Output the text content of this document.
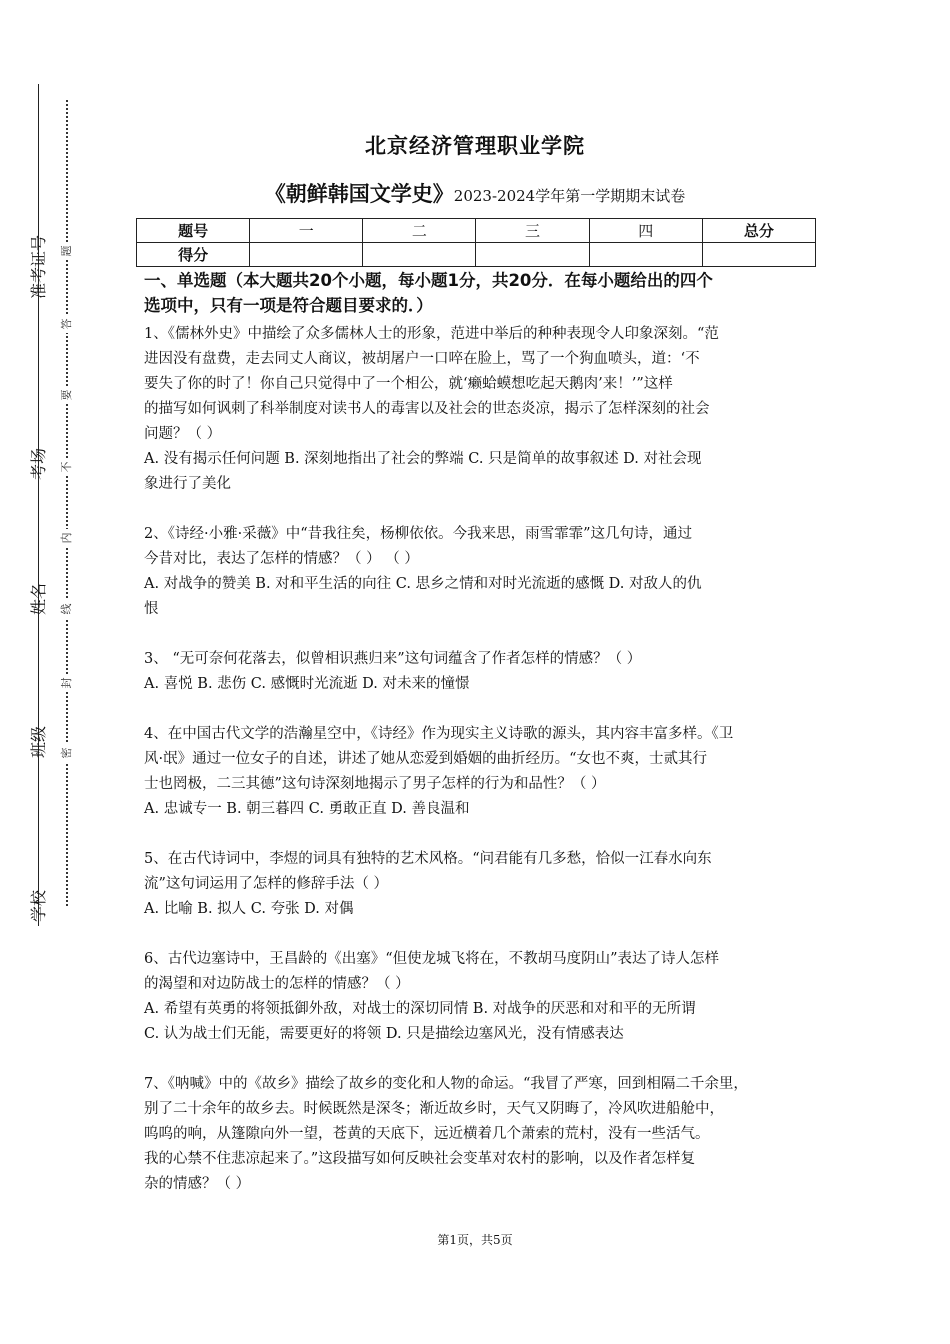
准考证号
考场
姓名
班级
学校
题
答
要
不
内
线
封
密
北京经济管理职业学院
《朝鲜韩国文学史》2023-2024学年第一学期期末试卷
题号	一	二	三	四	总分
得分					
一、单选题（本大题共20个小题，每小题1分，共20分．在每小题给出的四个
选项中，只有一项是符合题目要求的．）

1、《儒林外史》中描绘了众多儒林人士的形象，范进中举后的种种表现令人印象深刻。“范

进因没有盘费，走去同丈人商议，被胡屠户一口啐在脸上，骂了一个狗血喷头，道：‘不

要失了你的时了！你自己只觉得中了一个相公，就‘癞蛤蟆想吃起天鹅肉’来！’”这样

的描写如何讽刺了科举制度对读书人的毒害以及社会的世态炎凉，揭示了怎样深刻的社会

问题？（ ）

A. 没有揭示任何问题 B. 深刻地指出了社会的弊端 C. 只是简单的故事叙述 D. 对社会现

象进行了美化

2、《诗经·小雅·采薇》中“昔我往矣，杨柳依依。今我来思，雨雪霏霏”这几句诗，通过

今昔对比，表达了怎样的情感？（ ） （ ）

A. 对战争的赞美 B. 对和平生活的向往 C. 思乡之情和对时光流逝的感慨 D. 对敌人的仇

恨

3、 “无可奈何花落去，似曾相识燕归来”这句词蕴含了作者怎样的情感？（ ）

A. 喜悦 B. 悲伤 C. 感慨时光流逝 D. 对未来的憧憬

4、在中国古代文学的浩瀚星空中，《诗经》作为现实主义诗歌的源头，其内容丰富多样。《卫

风·氓》通过一位女子的自述，讲述了她从恋爱到婚姻的曲折经历。“女也不爽，士贰其行

士也罔极，二三其德”这句诗深刻地揭示了男子怎样的行为和品性？（ ）

A. 忠诚专一 B. 朝三暮四 C. 勇敢正直 D. 善良温和

5、在古代诗词中，李煜的词具有独特的艺术风格。“问君能有几多愁，恰似一江春水向东

流”这句词运用了怎样的修辞手法（ ）

A. 比喻 B. 拟人 C. 夸张 D. 对偶

6、古代边塞诗中，王昌龄的《出塞》“但使龙城飞将在，不教胡马度阴山”表达了诗人怎样

的渴望和对边防战士的怎样的情感？（ ）

A. 希望有英勇的将领抵御外敌，对战士的深切同情 B. 对战争的厌恶和对和平的无所谓

C. 认为战士们无能，需要更好的将领 D. 只是描绘边塞风光，没有情感表达

7、《呐喊》中的《故乡》描绘了故乡的变化和人物的命运。“我冒了严寒，回到相隔二千余里，

别了二十余年的故乡去。时候既然是深冬；渐近故乡时，天气又阴晦了，冷风吹进船舱中，

呜呜的响，从篷隙向外一望，苍黄的天底下，远近横着几个萧索的荒村，没有一些活气。

我的心禁不住悲凉起来了。”这段描写如何反映社会变革对农村的影响，以及作者怎样复

杂的情感？（ ）

第1页，共5页
